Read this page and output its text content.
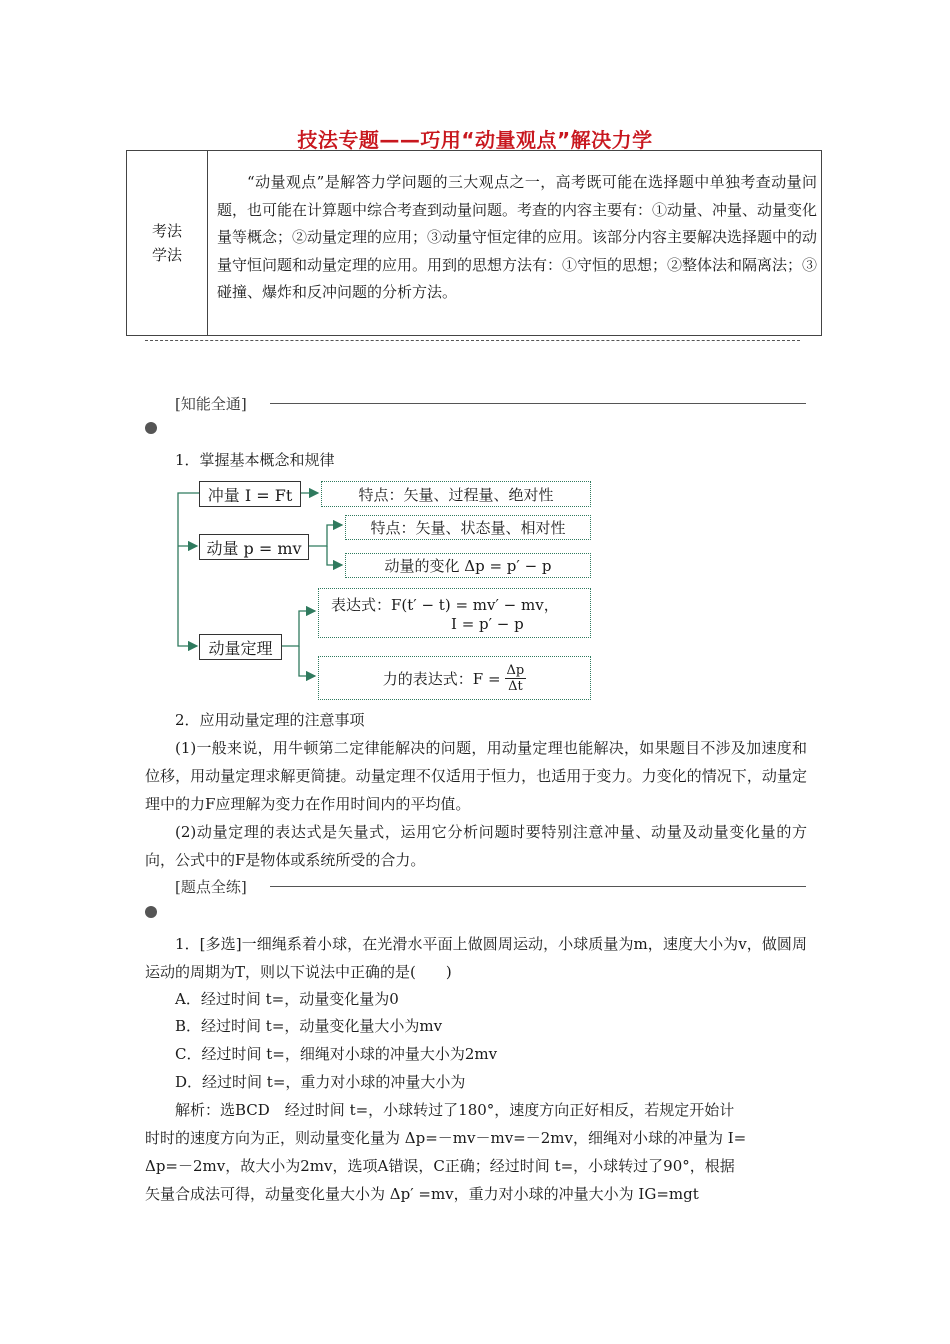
技法专题——巧用“动量观点”解决力学
考法
学法
“动量观点”是解答力学问题的三大观点之一，高考既可能在选择题中单独考查动量问题，也可能在计算题中综合考查到动量问题。考查的内容主要有：①动量、冲量、动量变化量等概念；②动量定理的应用；③动量守恒定律的应用。该部分内容主要解决选择题中的动量守恒问题和动量定理的应用。用到的思想方法有：①守恒的思想；②整体法和隔离法；③碰撞、爆炸和反冲问题的分析方法。
[知能全通]
1．掌握基本概念和规律
冲量 I = Ft	特点：矢量、过程量、绝对性
动量 p = mv
特点：矢量、状态量、相对性
动量的变化 Δp = p′ − p
动量定理
表达式：F(t′ − t) = mv′ − mv，
I = p′ − p
力的表达式：$F = \frac{\Delta p}{\Delta t}$
2．应用动量定理的注意事项
(1)一般来说，用牛顿第二定律能解决的问题，用动量定理也能解决，如果题目不涉及加速度和位移，用动量定理求解更简捷。动量定理不仅适用于恒力，也适用于变力。力变化的情况下，动量定理中的力F应理解为变力在作用时间内的平均值。
(2)动量定理的表达式是矢量式，运用它分析问题时要特别注意冲量、动量及动量变化量的方向，公式中的F是物体或系统所受的合力。
[题点全练]
1．[多选]一细绳系着小球，在光滑水平面上做圆周运动，小球质量为m，速度大小为v，做圆周运动的周期为T，则以下说法中正确的是(　　)
A．经过时间 t=，动量变化量为0
B．经过时间 t=，动量变化量大小为mv
C．经过时间 t=，细绳对小球的冲量大小为2mv
D．经过时间 t=，重力对小球的冲量大小为
解析：选BCD　经过时间 t=，小球转过了180°，速度方向正好相反，若规定开始计
时时的速度方向为正，则动量变化量为 Δp=－mv－mv=－2mv，细绳对小球的冲量为 I=
Δp=－2mv，故大小为2mv，选项A错误，C正确；经过时间 t=，小球转过了90°，根据
矢量合成法可得，动量变化量大小为 Δp′ =mv，重力对小球的冲量大小为 IG=mgt
